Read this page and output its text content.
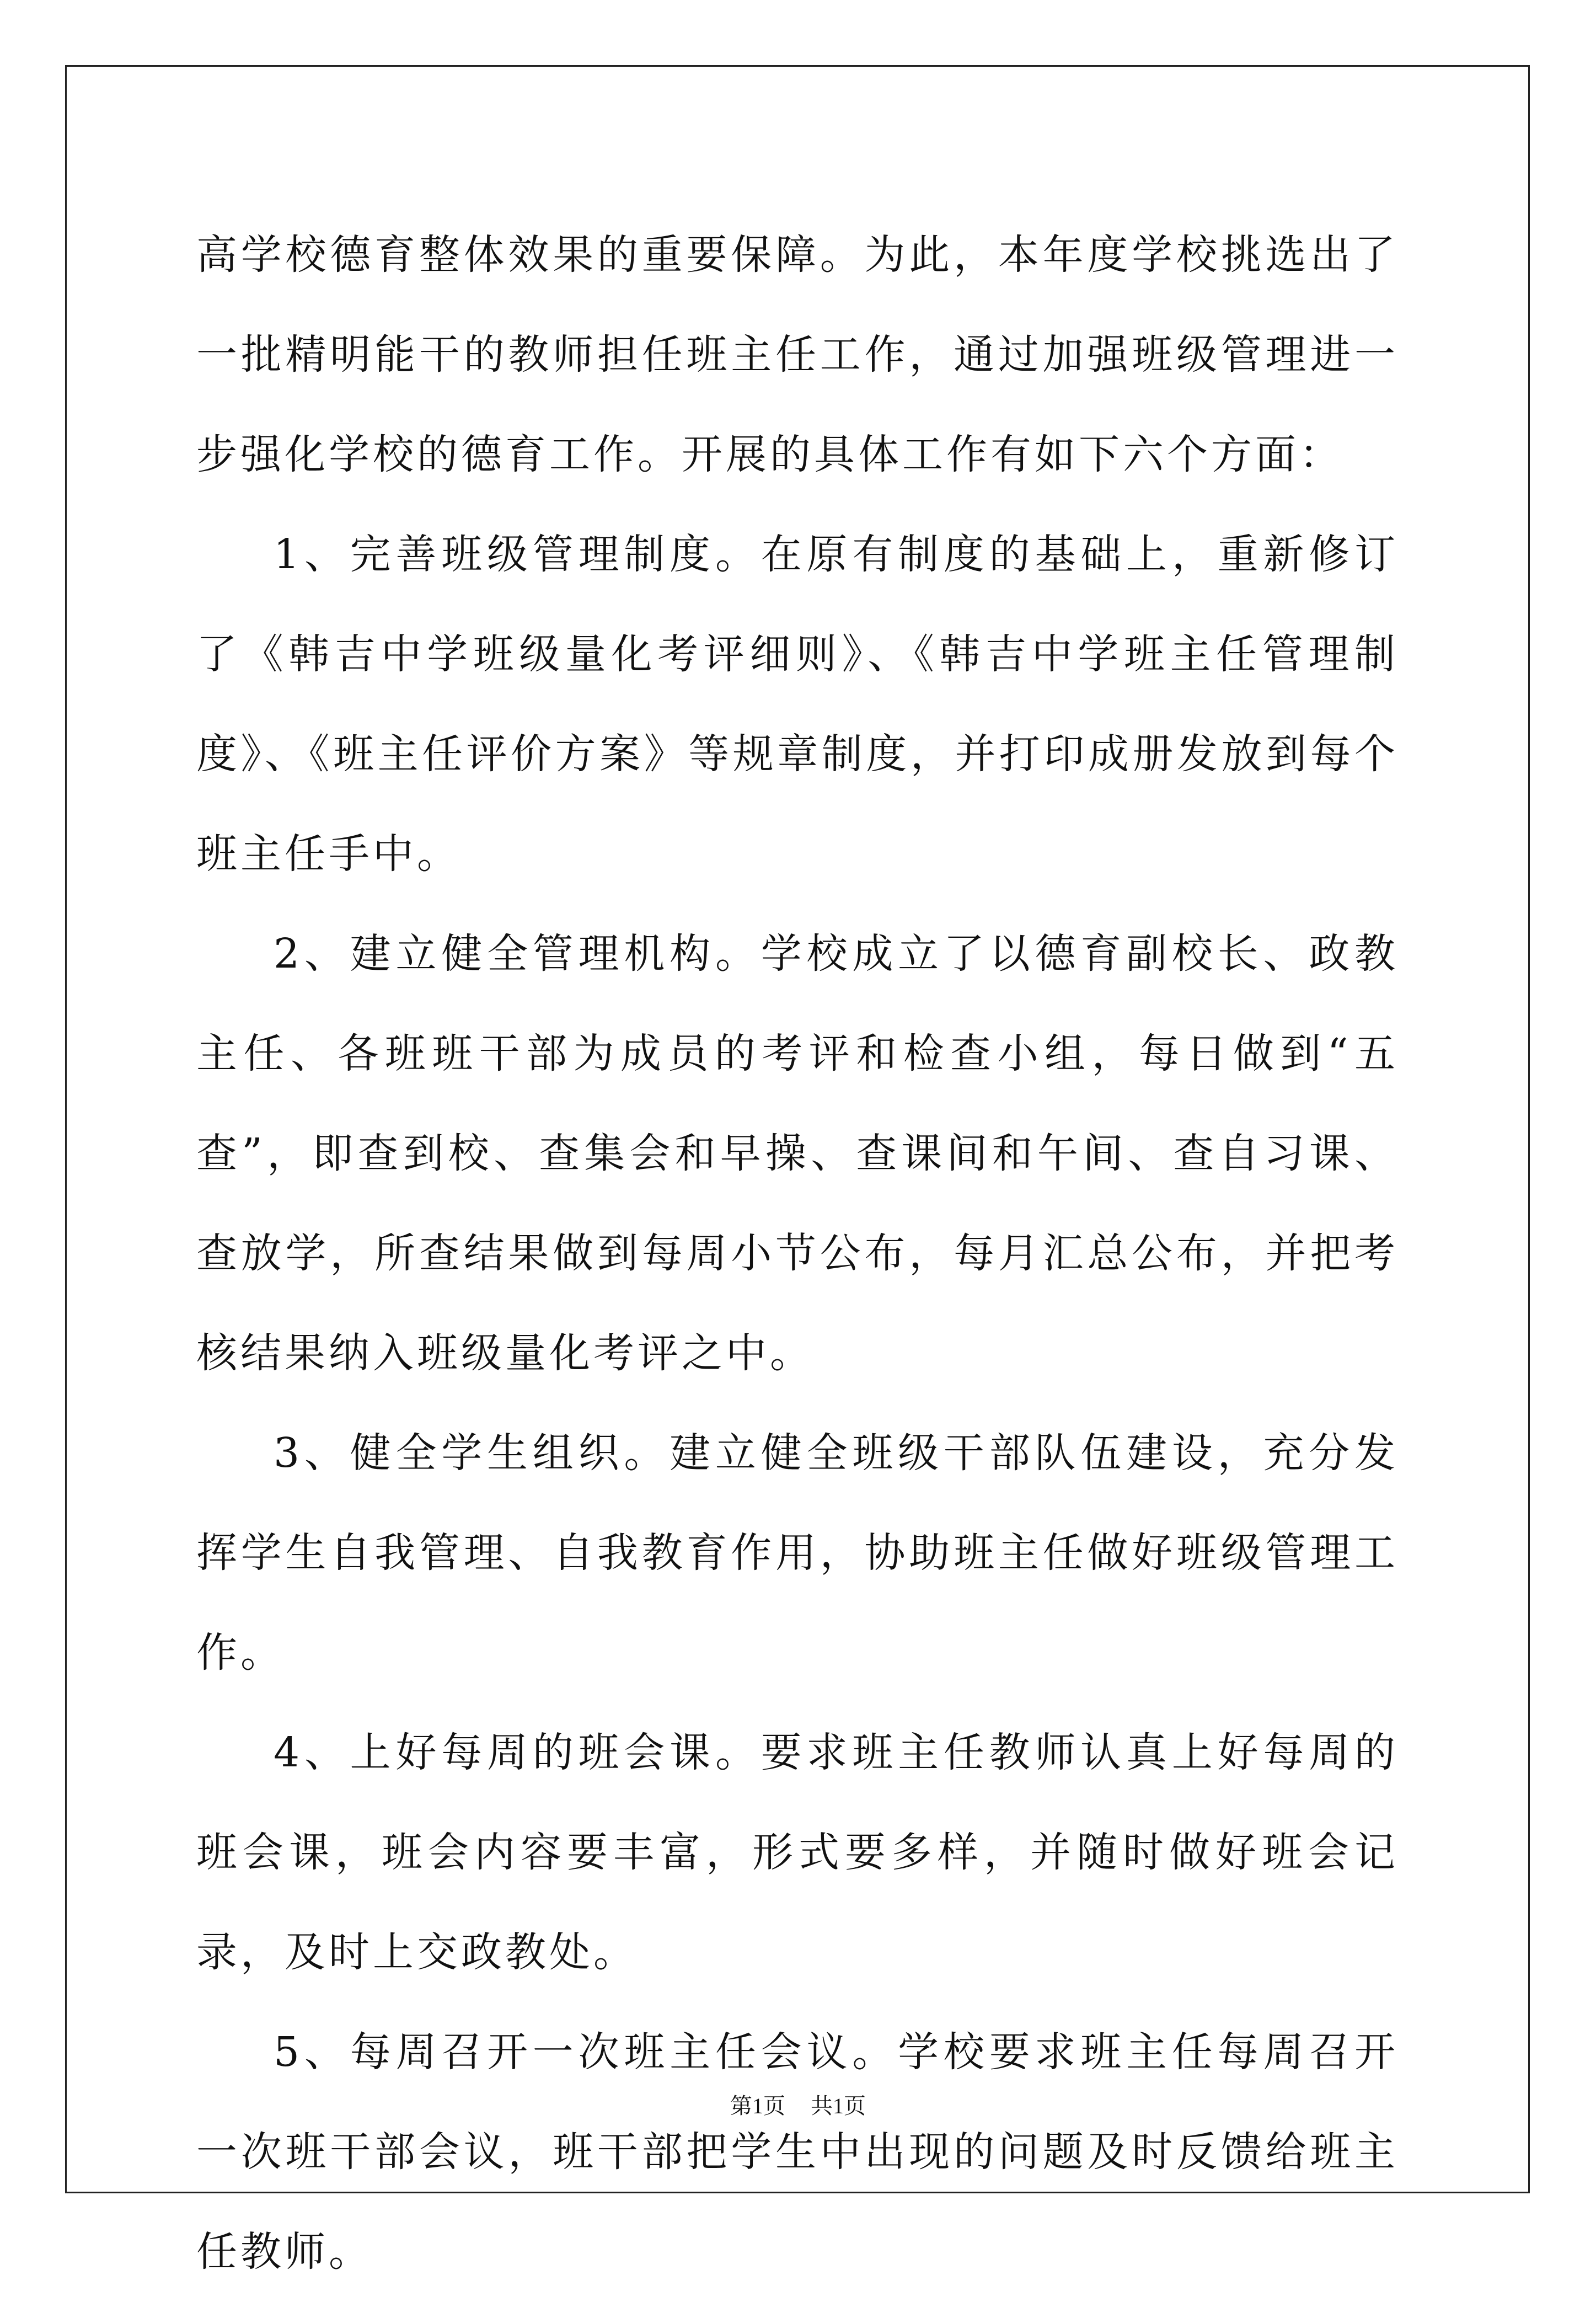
高学校德育整体效果的重要保障。为此，本年度学校挑选出了一批精明能干的教师担任班主任工作，通过加强班级管理进一步强化学校的德育工作。开展的具体工作有如下六个方面：

1、完善班级管理制度。在原有制度的基础上，重新修订了《韩吉中学班级量化考评细则》、《韩吉中学班主任管理制度》、《班主任评价方案》等规章制度，并打印成册发放到每个班主任手中。

2、建立健全管理机构。学校成立了以德育副校长、政教主任、各班班干部为成员的考评和检查小组，每日做到“五查”，即查到校、查集会和早操、查课间和午间、查自习课、查放学，所查结果做到每周小节公布，每月汇总公布，并把考核结果纳入班级量化考评之中。

3、健全学生组织。建立健全班级干部队伍建设，充分发挥学生自我管理、自我教育作用，协助班主任做好班级管理工作。

4、上好每周的班会课。要求班主任教师认真上好每周的班会课，班会内容要丰富，形式要多样，并随时做好班会记录，及时上交政教处。

5、每周召开一次班主任会议。学校要求班主任每周召开一次班干部会议，班干部把学生中出现的问题及时反馈给班主任教师。

第1页 共1页
